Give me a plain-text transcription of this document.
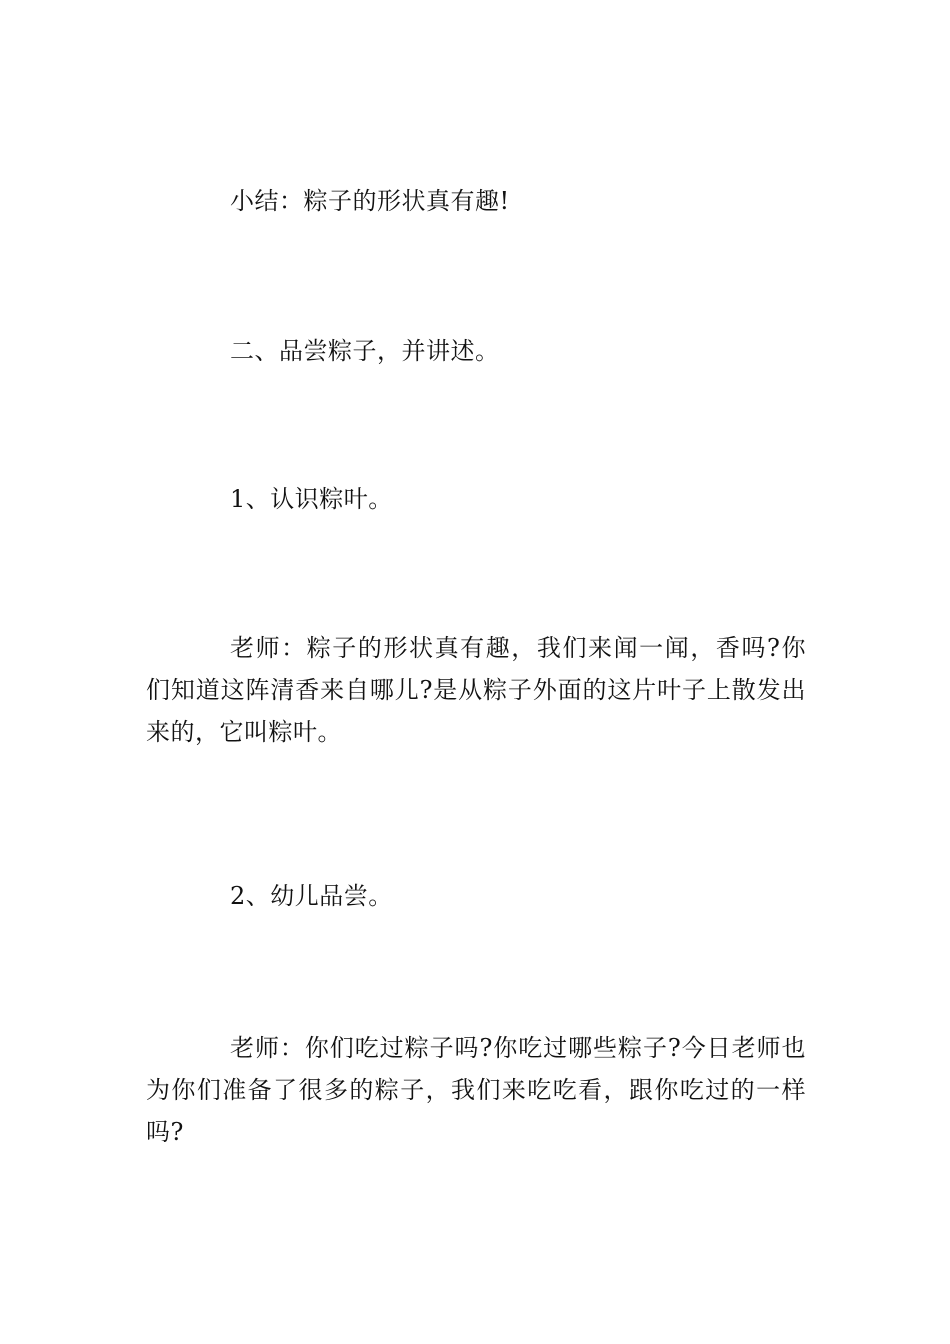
小结：粽子的形状真有趣!

二、品尝粽子，并讲述。

1、认识粽叶。

老师：粽子的形状真有趣，我们来闻一闻，香吗?你们知道这阵清香来自哪儿?是从粽子外面的这片叶子上散发出来的，它叫粽叶。

2、幼儿品尝。

老师：你们吃过粽子吗?你吃过哪些粽子?今日老师也为你们准备了很多的粽子，我们来吃吃看，跟你吃过的一样吗?
